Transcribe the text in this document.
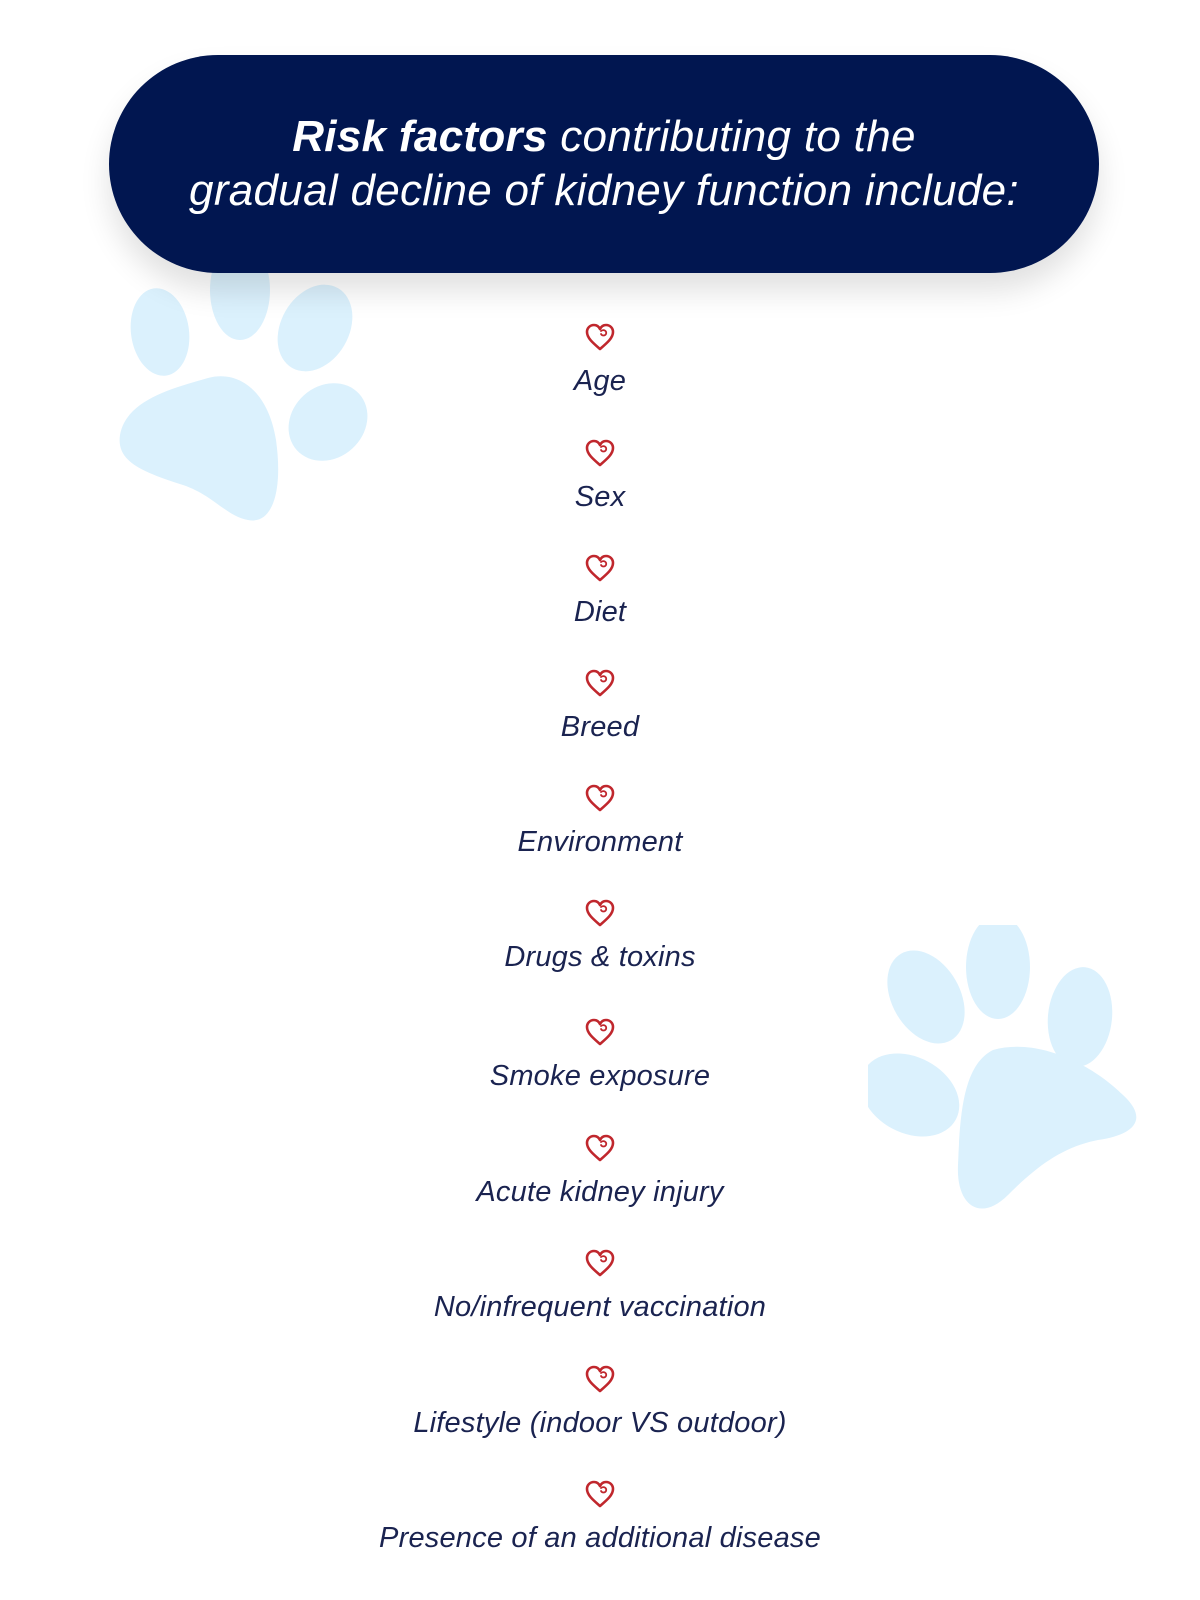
Risk factors contributing to the
gradual decline of kidney function include:
Age
Sex
Diet
Breed
Environment
Drugs & toxins
Smoke exposure
Acute kidney injury
No/infrequent vaccination
Lifestyle (indoor VS outdoor)
Presence of an additional disease
